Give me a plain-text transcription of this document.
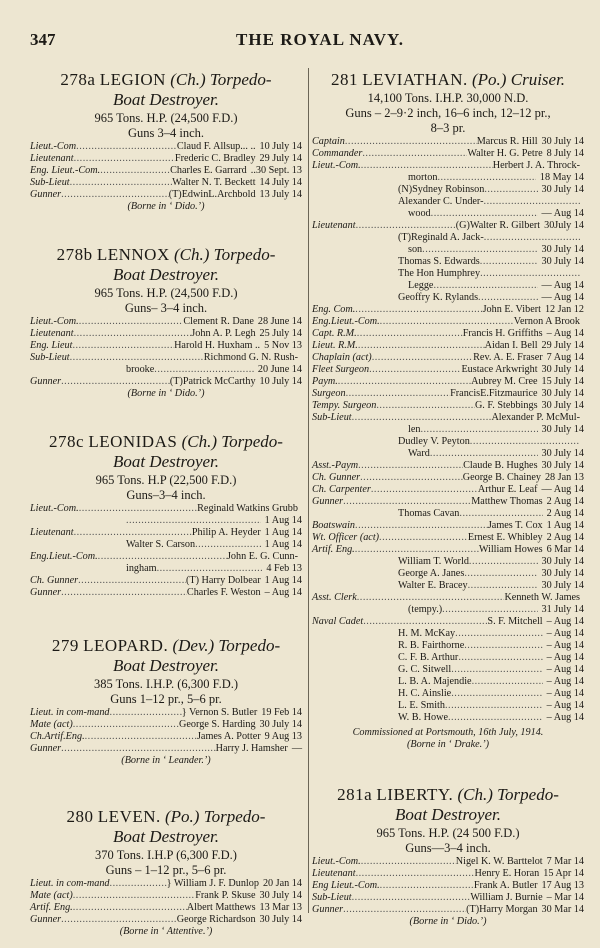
347	THE ROYAL NAVY.
278a LEGION (Ch.) Torpedo-
Boat Destroyer.
965 Tons. H.P. (24,500 F.D.)
Guns 3–4 inch.
Lieut.-Com .....	Claud F. Allsup... .. 10 July 14
Lieutenant .....	Frederic C. Bradley 29 July 14
Eng. Lieut.-Com. .....	Charles E. Garrard ..30 Sept. 13
Sub-Lieut .....	Walter N. T. Beckett 14 July 14
Gunner .....	(T)EdwinL.Archbold 13 July 14
(Borne in ‘ Dido.’)
278b LENNOX (Ch.) Torpedo-
Boat Destroyer.
965 Tons. H.P. (24,500 F.D.)
Guns– 3–4 inch.
Lieut.-Com. .....	Clement R. Dane 28 June 14
Lieutenant .....	John A. P. Legh 25 July 14
Eng. Lieut .....	Harold H. Huxham .. 5 Nov 13
Sub-Lieut .....	Richmond G. N. Rush-
brooke .....	20 June 14
Gunner .....	(T)Patrick McCarthy 10 July 14
(Borne in ‘ Dido.’)
278c LEONIDAS (Ch.) Torpedo-
Boat Destroyer.
965 Tons. H.P (22,500 F.D.)
Guns–3–4 inch.
Lieut.-Com. .....	Reginald Watkins Grubb
.....
1 Aug 14
Lieutenant .....	Philip A. Heyder 1 Aug 14
Walter S. Carson .....	1 Aug 14
Eng.Lieut.-Com. .....	John E. G. Cunn-
ingham .....	4 Feb 13
Ch. Gunner .....	(T) Harry Dolbear 1 Aug 14
Gunner .....	Charles F. Weston – Aug 14
279 LEOPARD. (Dev.) Torpedo-
Boat Destroyer.
385 Tons. I.H.P. (6,300 F.D.)
Guns 1–12 pr., 5–6 pr.
Lieut. in com-mand .....	} Vernon S. Butler 19 Feb 14
Mate (act) .....	George S. Harding 30 July 14
Ch.Artif.Eng. .....	James A. Potter 9 Aug 13
Gunner .....	Harry J. Hamsher —
(Borne in ‘ Leander.’)
280 LEVEN. (Po.) Torpedo-
Boat Destroyer.
370 Tons. I.H.P (6,300 F.D.)
Guns – 1–12 pr., 5–6 pr.
Lieut. in com-mand .....	} William J. F. Dunlop 20 Jan 14
Mate (act) .....	Frank P. Skuse 30 July 14
Artif. Eng. .....	Albert Matthews 13 Mar 13
Gunner .....	George Richardson 30 July 14
(Borne in ‘ Attentive.’)
281 LEVIATHAN. (Po.) Cruiser.
14,100 Tons. I.H.P. 30,000 N.D.
Guns – 2–9·2 inch, 16–6 inch, 12–12 pr.,
8–3 pr.
Captain .....	Marcus R. Hill 30 July 14
Commander .....	Walter H. G. Petre 8 July 14
Lieut.-Com. .....	Herbert J. A. Throck-
morton .....	18 May 14
(N)Sydney Robinson .....	30 July 14
Alexander C. Under-
.....
wood .....	— Aug 14
Lieutenant .....	(G)Walter R. Gilbert 30July 14
(T)Reginald A. Jack-
.....
son .....	30 July 14
Thomas S. Edwards .....	30 July 14
The Hon Humphrey
.....
Legge .....	— Aug 14
Geoffry K. Rylands .....	— Aug 14
Eng. Com. .....	John E. Vibert 12 Jan 12
Eng.Lieut.-Com. .....	Vernon A Brook
Capt. R.M. .....	Francis H. Griffiths – Aug 14
Lieut. R.M. .....	Aidan I. Bell 29 July 14
Chaplain (act) .....	Rev. A. E. Fraser 7 Aug 14
Fleet Surgeon .....	Eustace Arkwright 30 July 14
Paym. .....	Aubrey M. Cree 15 July 14
Surgeon .....	FrancisE.Fitzmaurice 30 July 14
Tempy. Surgeon .....	G. F. Stebbings 30 July 14
Sub-Lieut .....	Alexander P. McMul-
len .....	30 July 14
Dudley V. Peyton
.....
Ward .....	30 July 14
Asst.-Paym .....	Claude B. Hughes 30 July 14
Ch. Gunner .....	George B. Chainey 28 Jan 13
Ch. Carpenter .....	Arthur E. Leaf — Aug 14
Gunner .....	Matthew Thomas 2 Aug 14
Thomas Cavan .....	2 Aug 14
Boatswain .....	James T. Cox 1 Aug 14
Wt. Officer (act) .....	Ernest E. Whibley 2 Aug 14
Artif. Eng. .....	William Howes 6 Mar 14
William T. World .....	30 July 14
George A. Janes .....	30 July 14
Walter E. Bracey .....	30 July 14
Asst. Clerk .....	Kenneth W. James
(tempy.) .....	31 July 14
Naval Cadet .....	S. F. Mitchell – Aug 14
H. M. McKay .....	– Aug 14
R. B. Fairthorne .....	– Aug 14
C. F. B. Arthur .....	– Aug 14
G. C. Sitwell .....	– Aug 14
L. B. A. Majendie .....	– Aug 14
H. C. Ainslie .....	– Aug 14
L. E. Smith .....	– Aug 14
W. B. Howe .....	– Aug 14
Commissioned at Portsmouth, 16th July, 1914.
(Borne in ‘ Drake.’)
281a LIBERTY. (Ch.) Torpedo-
Boat Destroyer.
965 Tons. H.P. (24 500 F.D.)
Guns—3–4 inch.
Lieut.-Com. .....	Nigel K. W. Barttelot 7 Mar 14
Lieutenant .....	Henry E. Horan 15 Apr 14
Eng Lieut.-Com. .....	Frank A. Butler 17 Aug 13
Sub-Lieut .....	William J. Burnie – Mar 14
Gunner .....	(T)Harry Morgan 30 Mar 14
(Borne in ‘ Dido.’)
